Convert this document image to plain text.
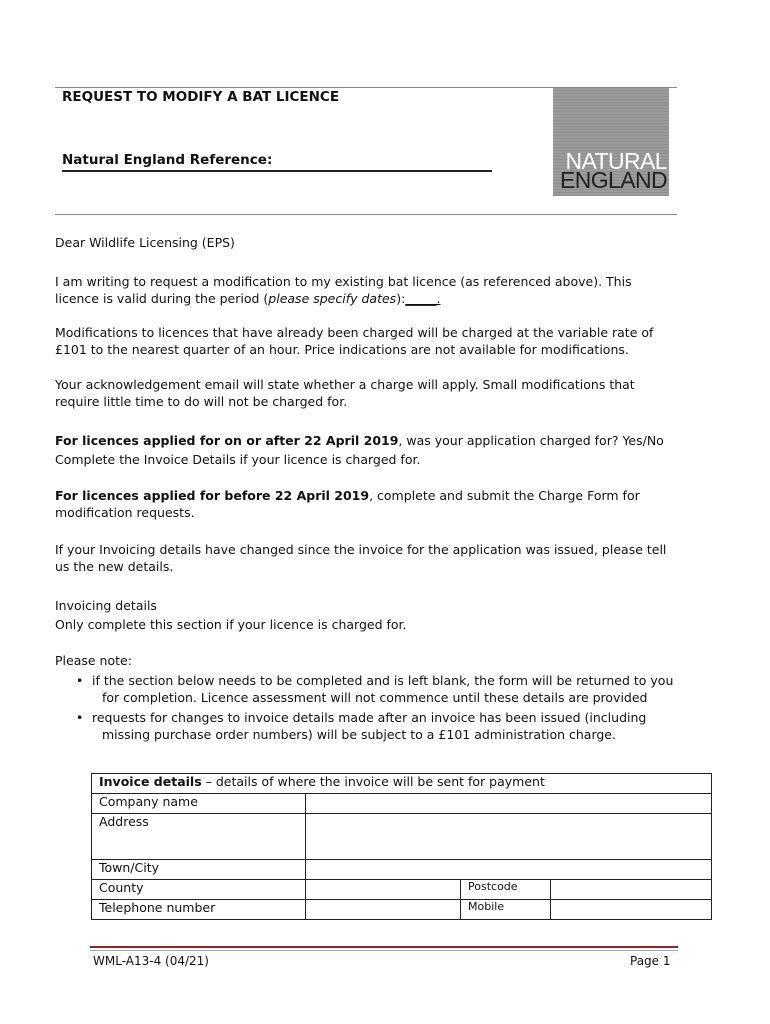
REQUEST TO MODIFY A BAT LICENCE
Natural England Reference:	NATURAL
ENGLAND
Dear Wildlife Licensing (EPS)
I am writing to request a modification to my existing bat licence (as referenced above). This licence is valid during the period (please specify dates):_____.
Modifications to licences that have already been charged will be charged at the variable rate of £101 to the nearest quarter of an hour. Price indications are not available for modifications.
Your acknowledgement email will state whether a charge will apply. Small modifications that require little time to do will not be charged for.
For licences applied for on or after 22 April 2019, was your application charged for? Yes/No
Complete the Invoice Details if your licence is charged for.
For licences applied for before 22 April 2019, complete and submit the Charge Form for modification requests.
If your Invoicing details have changed since the invoice for the application was issued, please tell us the new details.
Invoicing details
Only complete this section if your licence is charged for.
Please note:
• if the section below needs to be completed and is left blank, the form will be returned to you
for completion. Licence assessment will not commence until these details are provided
• requests for changes to invoice details made after an invoice has been issued (including
missing purchase order numbers) will be subject to a £101 administration charge.
Invoice details – details of where the invoice will be sent for payment			
Company name			
Address			
Town/City			
County		Postcode	
Telephone number		Mobile	
WML-A13-4 (04/21)	Page 1
